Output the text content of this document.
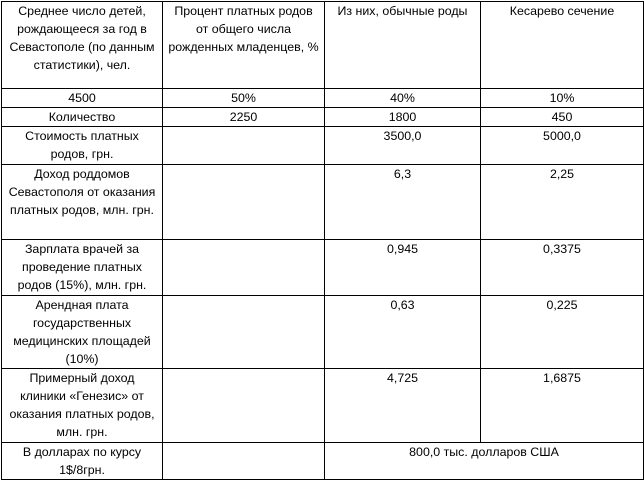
Среднее число детей, рождающееся за год в Севастополе (по данным статистики), чел.	Процент платных родов от общего числа рожденных младенцев, %	Из них, обычные роды	Кесарево сечение
4500	50%	40%	10%
Количество	2250	1800	450
Стоимость платных родов, грн.		3500,0	5000,0
Доход роддомов Севастополя от оказания платных родов, млн. грн.		6,3	2,25
Зарплата врачей за проведение платных родов (15%), млн. грн.		0,945	0,3375
Арендная плата государственных медицинских площадей (10%)		0,63	0,225
Примерный доход клиники «Генезис» от оказания платных родов, млн. грн.		4,725	1,6875
В долларах по курсу 1$/8грн.		800,0 тыс. долларов США	
